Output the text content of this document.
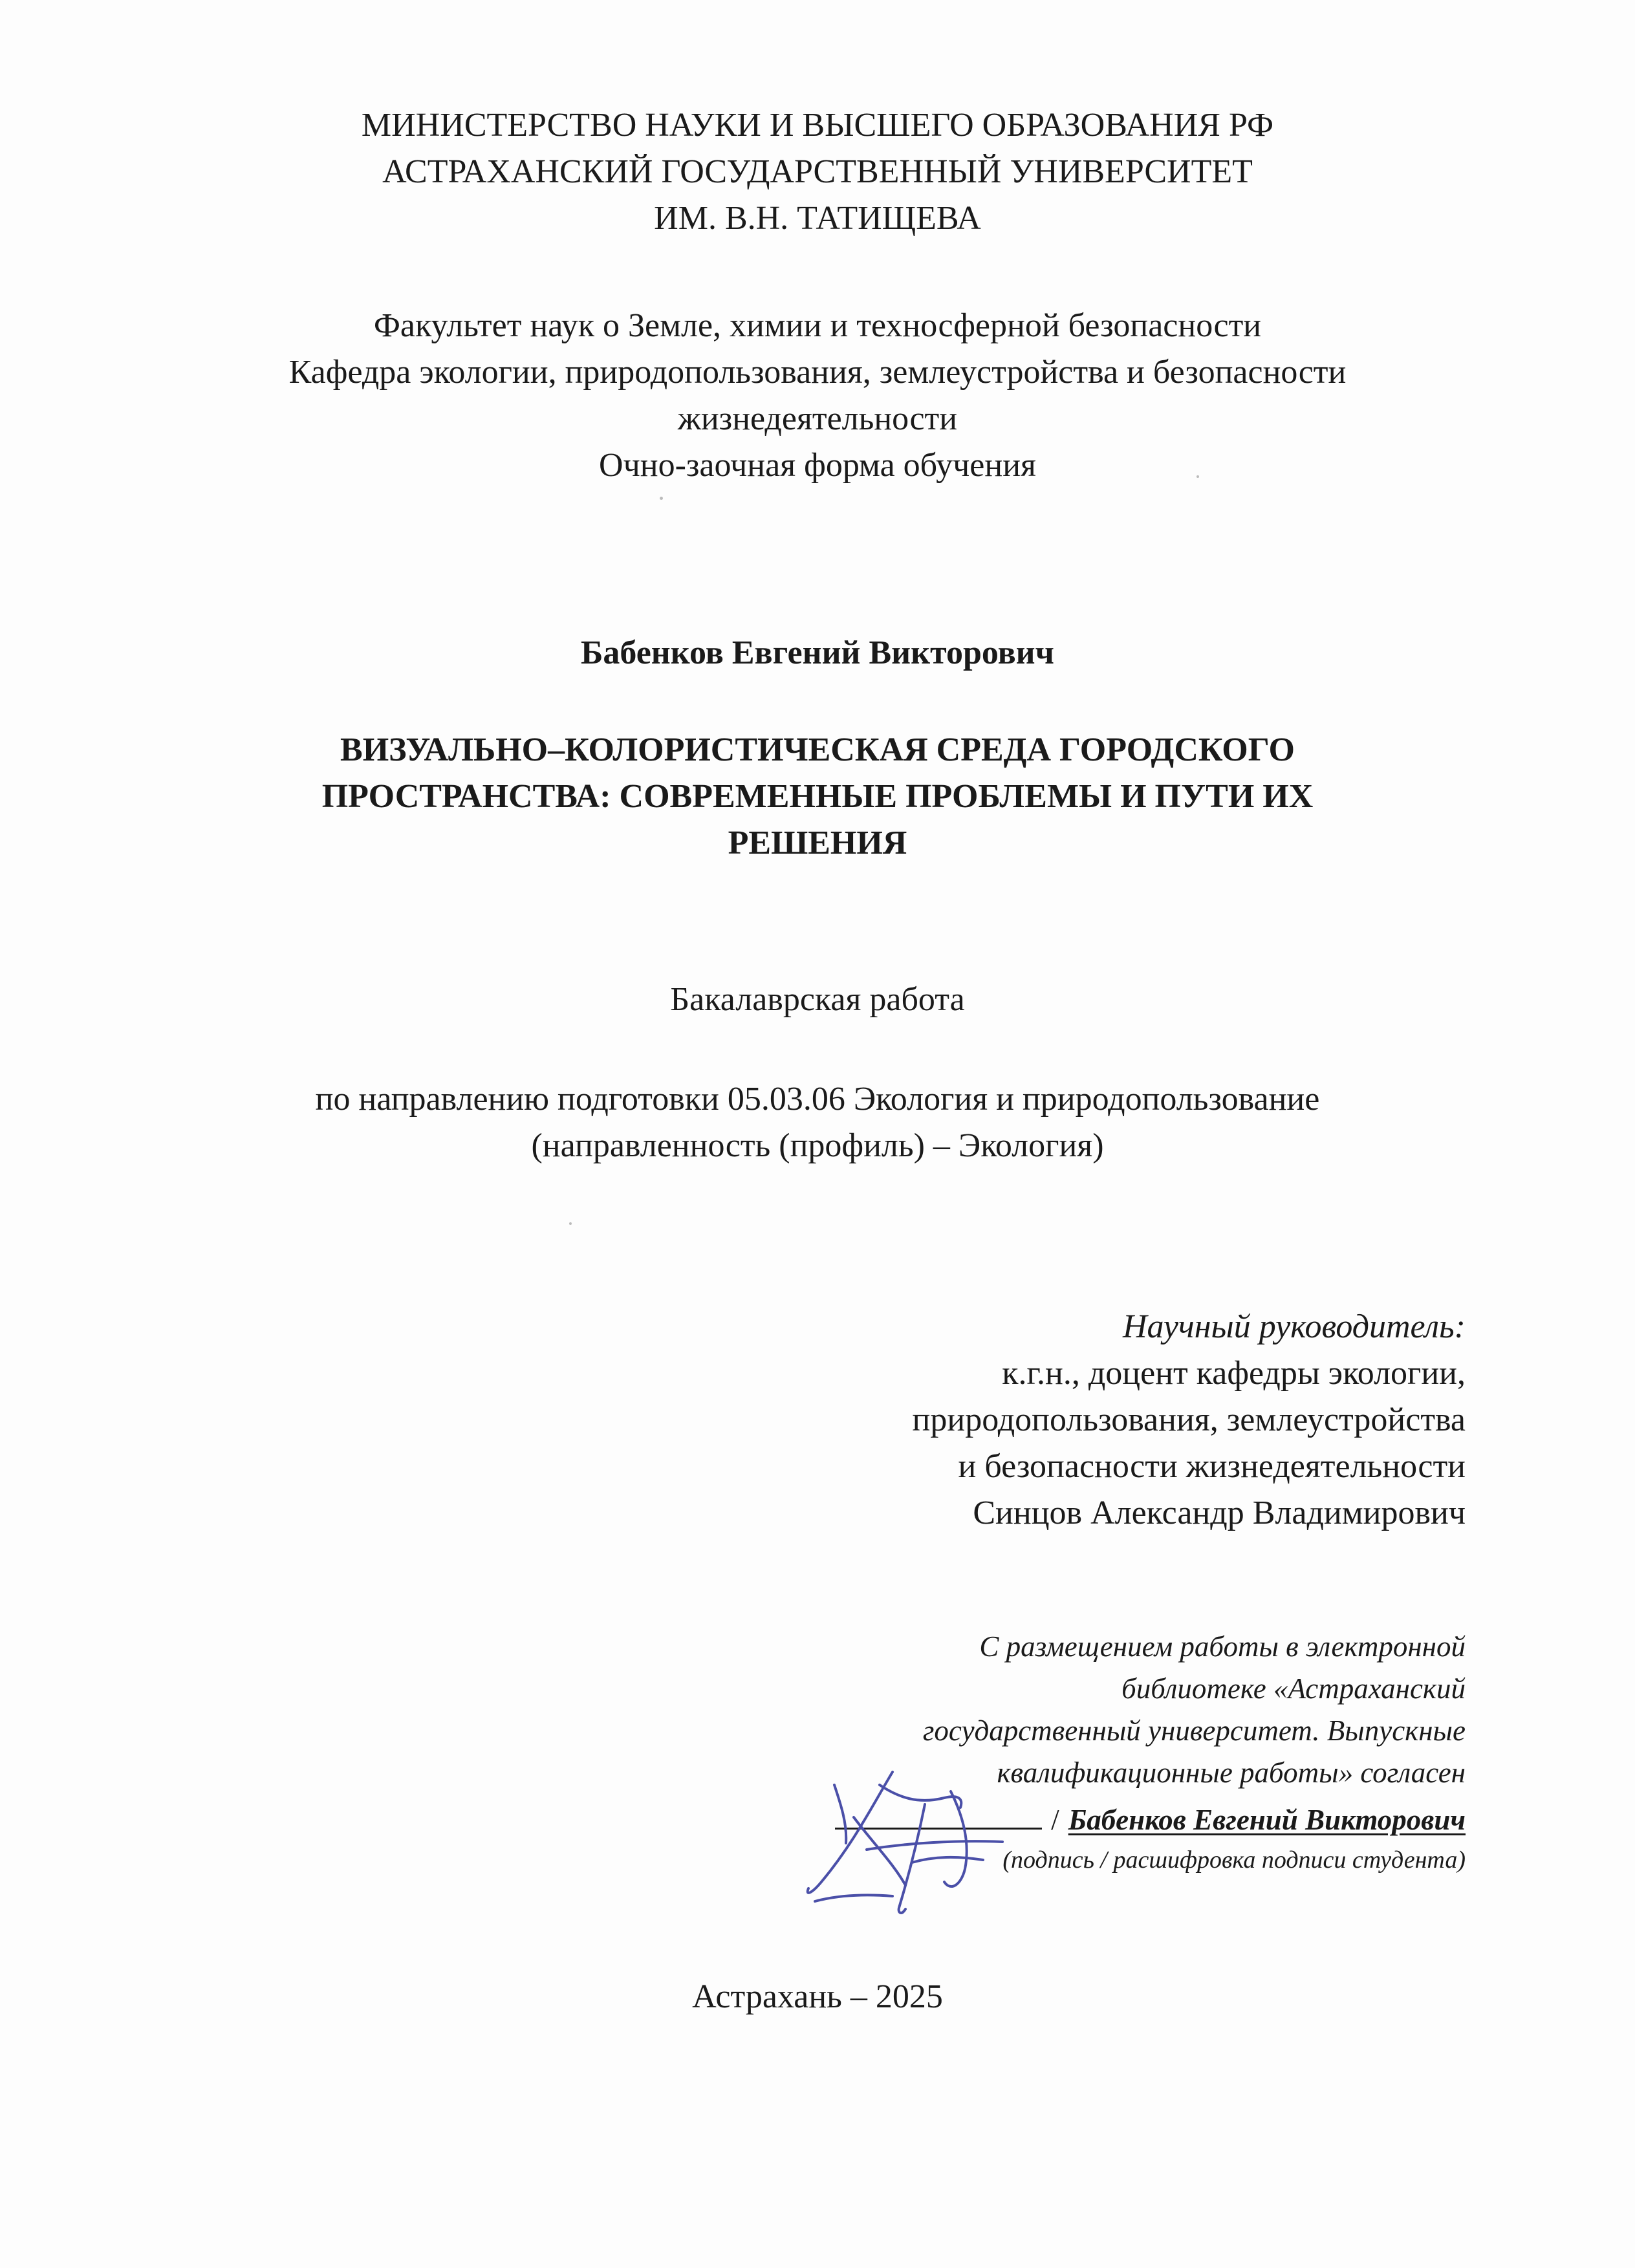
МИНИСТЕРСТВО НАУКИ И ВЫСШЕГО ОБРАЗОВАНИЯ РФ
АСТРАХАНСКИЙ ГОСУДАРСТВЕННЫЙ УНИВЕРСИТЕТ
ИМ. В.Н. ТАТИЩЕВА
Факультет наук о Земле, химии и техносферной безопасности
Кафедра экологии, природопользования, землеустройства и безопасности
жизнедеятельности
Очно-заочная форма обучения
Бабенков Евгений Викторович
ВИЗУАЛЬНО–КОЛОРИСТИЧЕСКАЯ СРЕДА ГОРОДСКОГО
ПРОСТРАНСТВА: СОВРЕМЕННЫЕ ПРОБЛЕМЫ И ПУТИ ИХ
РЕШЕНИЯ
Бакалаврская работа
по направлению подготовки 05.03.06 Экология и природопользование
(направленность (профиль) – Экология)
Научный руководитель:
к.г.н., доцент кафедры экологии,
природопользования, землеустройства
и безопасности жизнедеятельности
Синцов Александр Владимирович
С размещением работы в электронной
библиотеке «Астраханский
государственный университет. Выпускные
квалификационные работы» согласен
/ Бабенков Евгений Викторович
(подпись / расшифровка подписи студента)
Астрахань – 2025
